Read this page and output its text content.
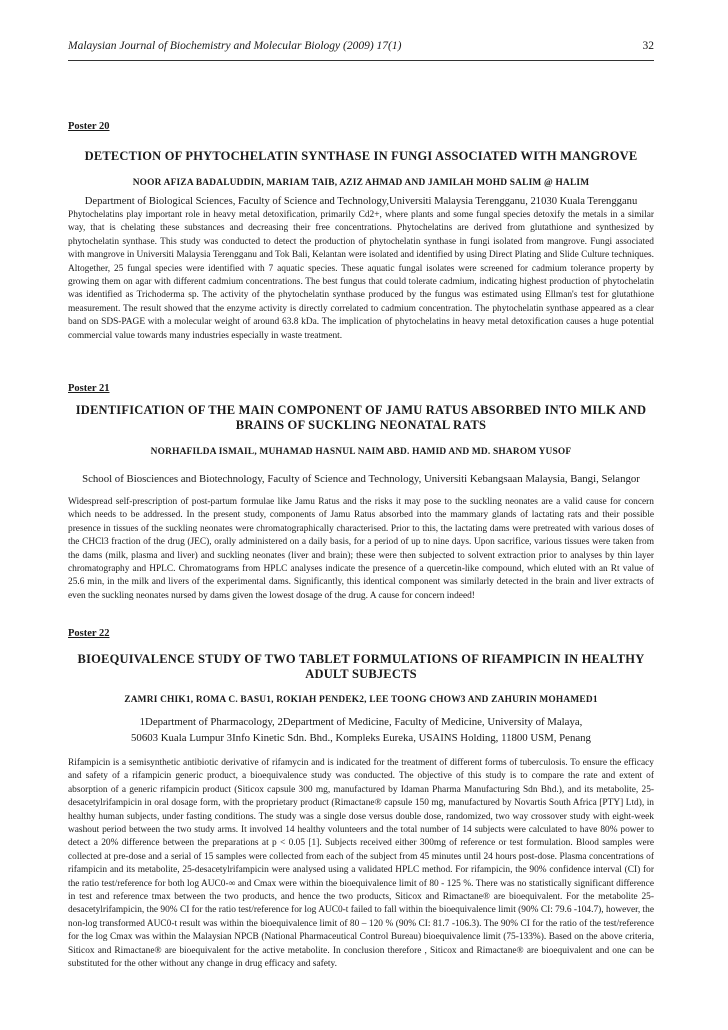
Malaysian Journal of Biochemistry and Molecular Biology (2009) 17(1)	32
Poster 20
DETECTION OF PHYTOCHELATIN SYNTHASE IN FUNGI ASSOCIATED WITH MANGROVE
NOOR AFIZA BADALUDDIN, MARIAM TAIB, AZIZ AHMAD AND JAMILAH MOHD SALIM @ HALIM
Department of Biological Sciences, Faculty of Science and Technology,Universiti Malaysia Terengganu, 21030 Kuala Terengganu

Phytochelatins play important role in heavy metal detoxification, primarily Cd2+, where plants and some fungal species detoxify the metals in a similar way, that is chelating these substances and decreasing their free concentrations. Phytochelatins are derived from glutathione and synthesized by phytochelatin synthase. This study was conducted to detect the production of phytochelatin synthase in fungi isolated from mangrove. Fungi associated with mangrove in Universiti Malaysia Terengganu and Tok Bali, Kelantan were isolated and identified by using Direct Plating and Slide Culture techniques. Altogether, 25 fungal species were identified with 7 aquatic species. These aquatic fungal isolates were screened for cadmium tolerance property by growing them on agar with different cadmium concentrations. The best fungus that could tolerate cadmium, indicating highest production of phytochelatin was identified as Trichoderma sp. The activity of the phytochelatin synthase produced by the fungus was estimated using Ellman's test for glutathione measurement. The result showed that the enzyme activity is directly correlated to cadmium concentration. The phytochelatin synthase appeared as a clear band on SDS-PAGE with a molecular weight of around 63.8 kDa. The implication of phytochelatins in heavy metal detoxification causes a huge potential commercial value towards many industries especially in waste treatment.

Poster 21
IDENTIFICATION OF THE MAIN COMPONENT OF JAMU RATUS ABSORBED INTO MILK AND BRAINS OF SUCKLING NEONATAL RATS
NORHAFILDA ISMAIL, MUHAMAD HASNUL NAIM ABD. HAMID AND MD. SHAROM YUSOF
School of Biosciences and Biotechnology, Faculty of Science and Technology, Universiti Kebangsaan Malaysia, Bangi, Selangor

Widespread self-prescription of post-partum formulae like Jamu Ratus and the risks it may pose to the suckling neonates are a valid cause for concern which needs to be addressed. In the present study, components of Jamu Ratus absorbed into the mammary glands of lactating rats and their possible presence in tissues of the suckling neonates were chromatographically characterised. Prior to this, the lactating dams were pretreated with various doses of the CHCl3 fraction of the drug (JEC), orally administered on a daily basis, for a period of up to nine days. Upon sacrifice, various tissues were taken from the dams (milk, plasma and liver) and suckling neonates (liver and brain); these were then subjected to solvent extraction prior to analyses by thin layer chromatography and HPLC. Chromatograms from HPLC analyses indicate the presence of a quercetin-like compound, which eluted with an Rt value of 25.6 min, in the milk and livers of the experimental dams. Significantly, this identical component was similarly detected in the brain and liver extracts of even the suckling neonates nursed by dams given the lowest dosage of the drug. A cause for concern indeed!

Poster 22
BIOEQUIVALENCE STUDY OF TWO TABLET FORMULATIONS OF RIFAMPICIN IN HEALTHY ADULT SUBJECTS
ZAMRI CHIK1, ROMA C. BASU1, ROKIAH PENDEK2, LEE TOONG CHOW3 AND ZAHURIN MOHAMED1
1Department of Pharmacology, 2Department of Medicine, Faculty of Medicine, University of Malaya,
50603 Kuala Lumpur 3Info Kinetic Sdn. Bhd., Kompleks Eureka, USAINS Holding, 11800 USM, Penang

Rifampicin is a semisynthetic antibiotic derivative of rifamycin and is indicated for the treatment of different forms of tuberculosis. To ensure the efficacy and safety of a rifampicin generic product, a bioequivalence study was conducted. The objective of this study is to compare the rate and extent of absorption of a generic rifampicin product (Siticox capsule 300 mg, manufactured by Idaman Pharma Manufacturing Sdn Bhd.), and its metabolite, 25-desacetylrifampicin in oral dosage form, with the proprietary product (Rimactane® capsule 150 mg, manufactured by Novartis South Africa [PTY] Ltd), in healthy human subjects, under fasting conditions. The study was a single dose versus double dose, randomized, two way crossover study with eight-week washout period between the two study arms. It involved 14 healthy volunteers and the total number of 14 subjects were calculated to have 80% power to detect a 20% difference between the preparations at p < 0.05 [1]. Subjects received either 300mg of reference or test formulation. Blood samples were collected at pre-dose and a serial of 15 samples were collected from each of the subject from 45 minutes until 24 hours post-dose. Plasma concentrations of rifampicin and its metabolite, 25-desacetylrifampicin were analysed using a validated HPLC method. For rifampicin, the 90% confidence interval (CI) for the ratio test/reference for both log AUC0-∞ and Cmax were within the bioequivalence limit of 80 - 125 %. There was no statistically significant difference in test and reference tmax between the two products, and hence the two products, Siticox and Rimactane® are bioequivalent. For the metabolite 25-desacetylrifampicin, the 90% CI for the ratio test/reference for log AUC0-t failed to fall within the bioequivalence limit (90% CI: 79.6 -104.7), however, the non-log transformed AUC0-t result was within the bioequivalence limit of 80 – 120 % (90% CI: 81.7 -106.3). The 90% CI for the ratio of the test/reference for the log Cmax was within the Malaysian NPCB (National Pharmaceutical Control Bureau) bioequivalence limit (75-133%). Based on the above criteria, Siticox and Rimactane® are bioequivalent for the active metabolite. In conclusion therefore , Siticox and Rimactane® are bioequivalent and one can be substituted for the other without any change in drug efficacy and safety.
